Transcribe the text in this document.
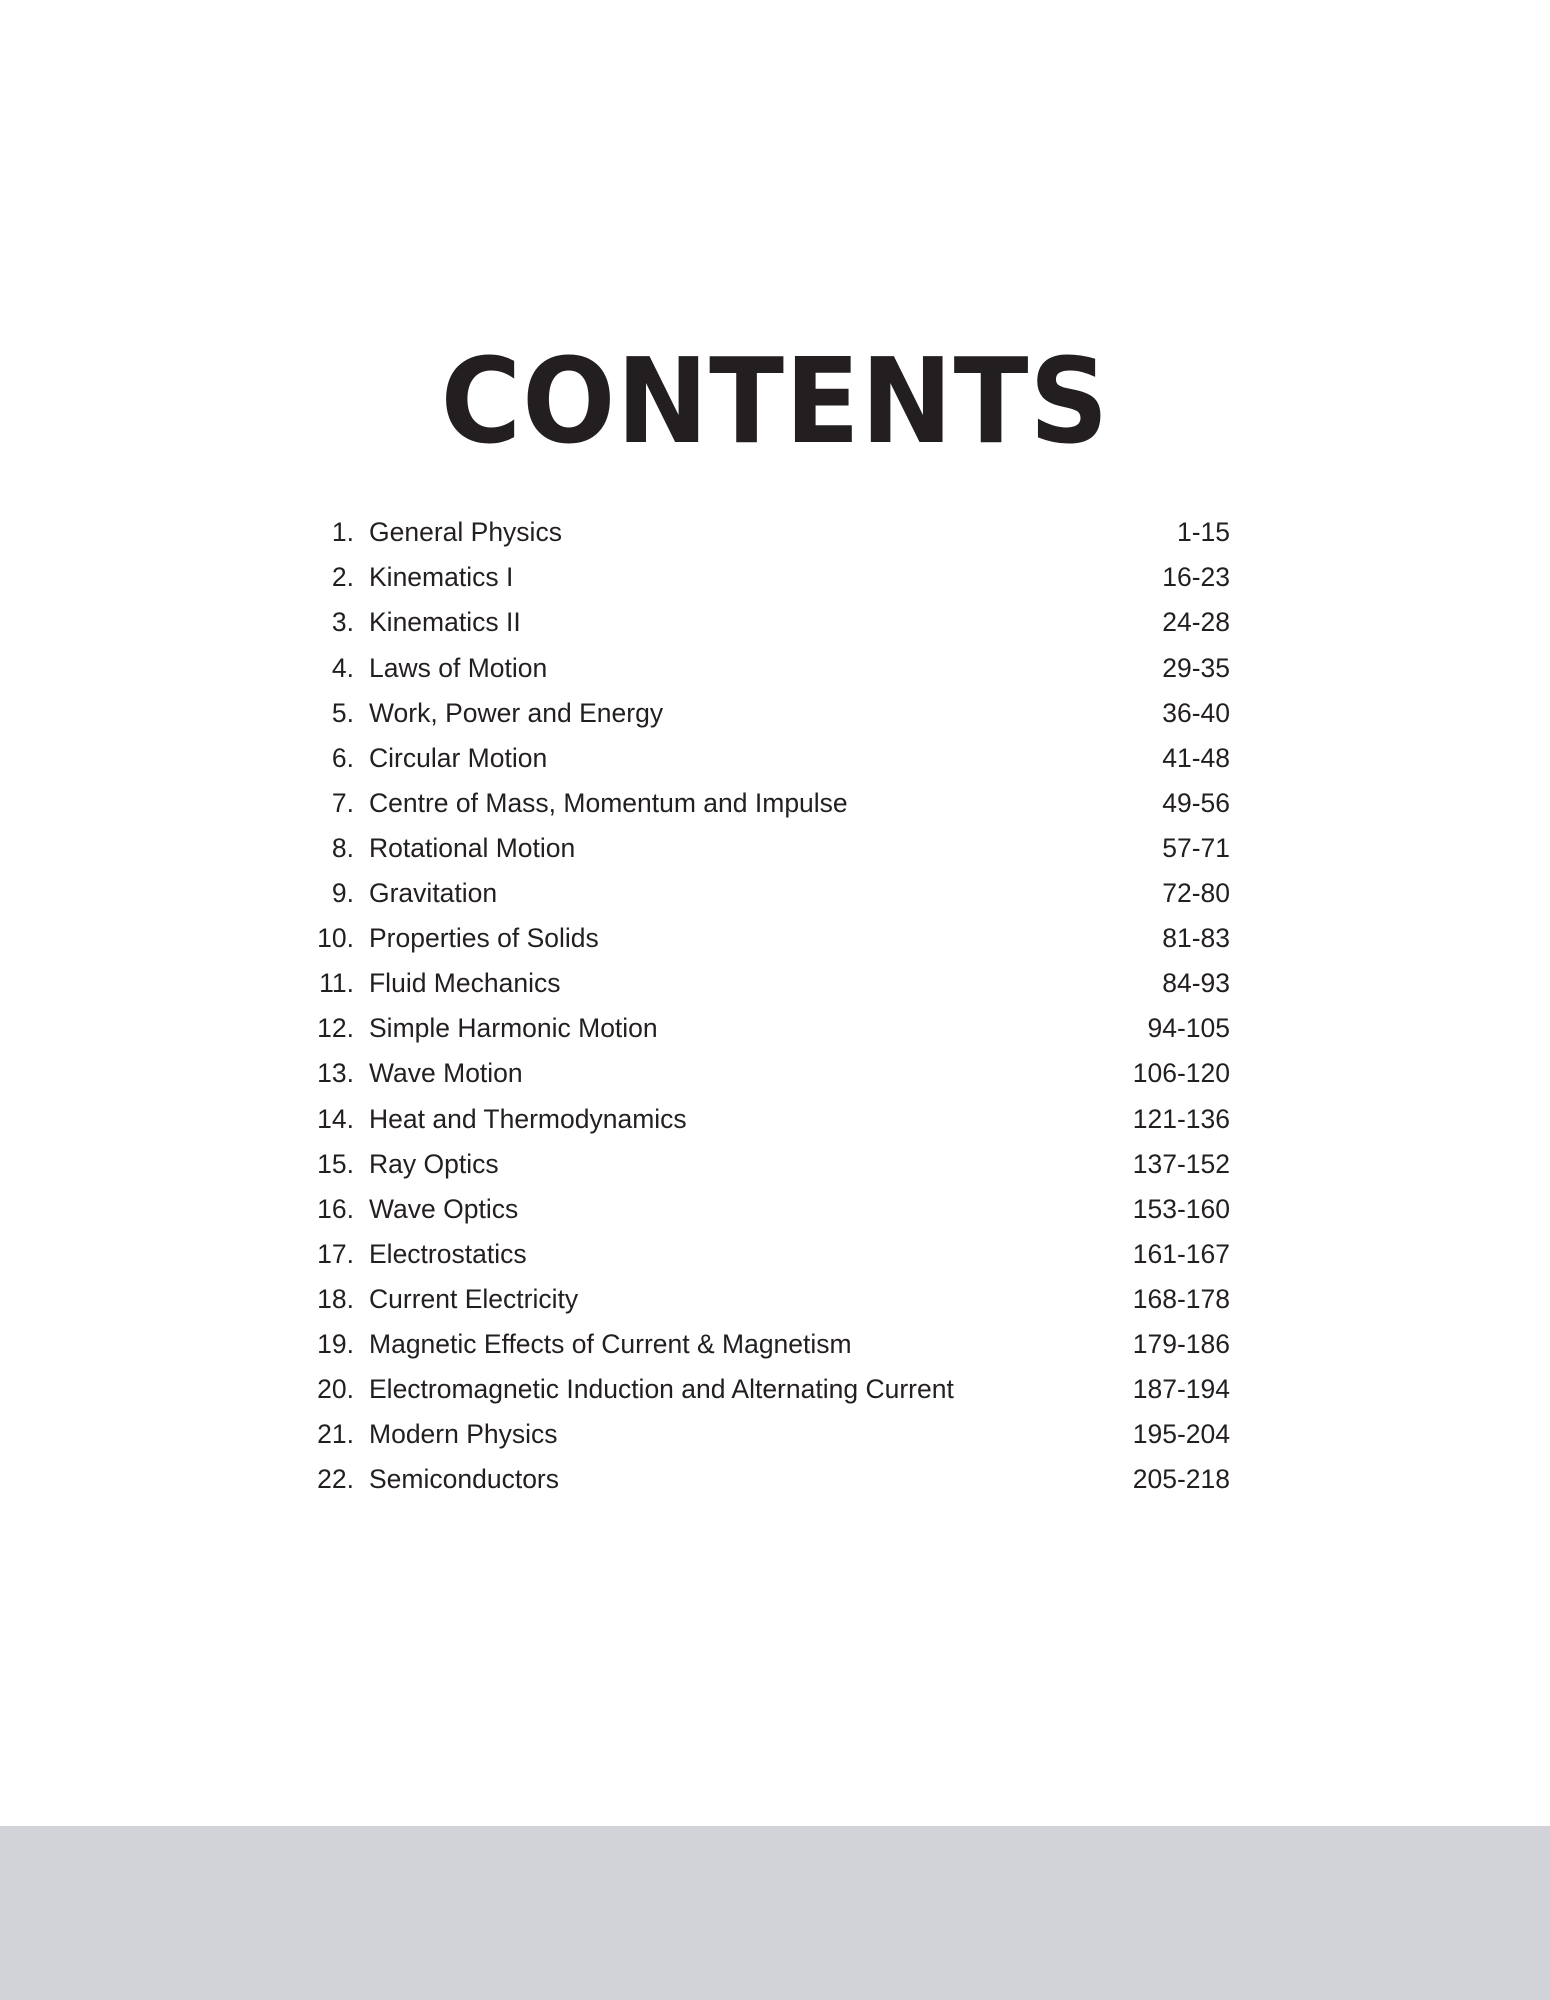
CONTENTS
1. General Physics	1-15
2. Kinematics I	16-23
3. Kinematics II	24-28
4. Laws of Motion	29-35
5. Work, Power and Energy	36-40
6. Circular Motion	41-48
7. Centre of Mass, Momentum and Impulse	49-56
8. Rotational Motion	57-71
9. Gravitation	72-80
10. Properties of Solids	81-83
11. Fluid Mechanics	84-93
12. Simple Harmonic Motion	94-105
13. Wave Motion	106-120
14. Heat and Thermodynamics	121-136
15. Ray Optics	137-152
16. Wave Optics	153-160
17. Electrostatics	161-167
18. Current Electricity	168-178
19. Magnetic Effects of Current & Magnetism	179-186
20. Electromagnetic Induction and Alternating Current	187-194
21. Modern Physics	195-204
22. Semiconductors	205-218
